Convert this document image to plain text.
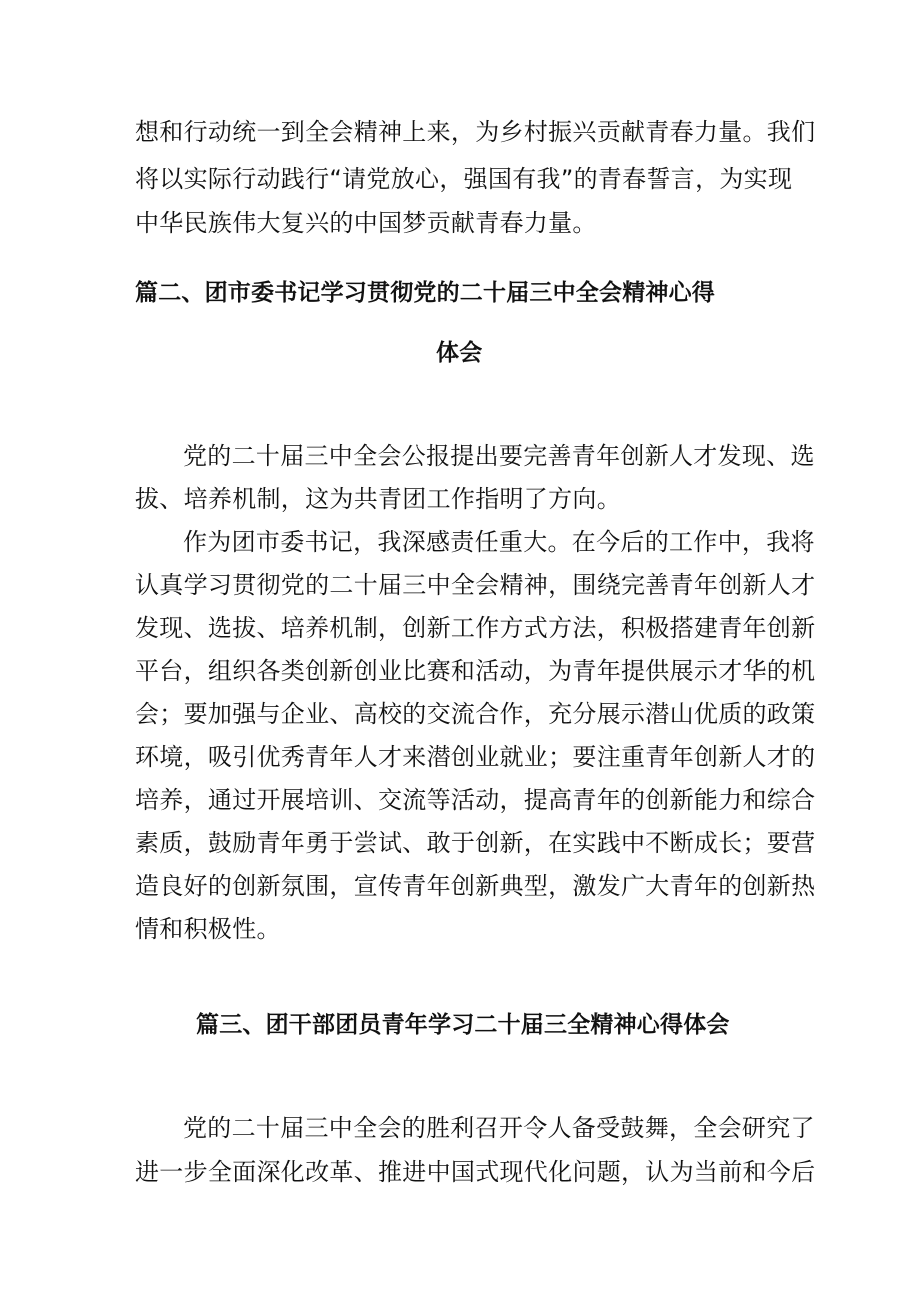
想和行动统一到全会精神上来，为乡村振兴贡献青春力量。我们
将以实际行动践行“请党放心，强国有我”的青春誓言，为实现
中华民族伟大复兴的中国梦贡献青春力量。
篇二、团市委书记学习贯彻党的二十届三中全会精神心得
体会
党的二十届三中全会公报提出要完善青年创新人才发现、选
拔、培养机制，这为共青团工作指明了方向。
作为团市委书记，我深感责任重大。在今后的工作中，我将
认真学习贯彻党的二十届三中全会精神，围绕完善青年创新人才
发现、选拔、培养机制，创新工作方式方法，积极搭建青年创新
平台，组织各类创新创业比赛和活动，为青年提供展示才华的机
会；要加强与企业、高校的交流合作，充分展示潜山优质的政策
环境，吸引优秀青年人才来潜创业就业；要注重青年创新人才的
培养，通过开展培训、交流等活动，提高青年的创新能力和综合
素质，鼓励青年勇于尝试、敢于创新，在实践中不断成长；要营
造良好的创新氛围，宣传青年创新典型，激发广大青年的创新热
情和积极性。
篇三、团干部团员青年学习二十届三全精神心得体会
党的二十届三中全会的胜利召开令人备受鼓舞，全会研究了
进一步全面深化改革、推进中国式现代化问题，认为当前和今后
